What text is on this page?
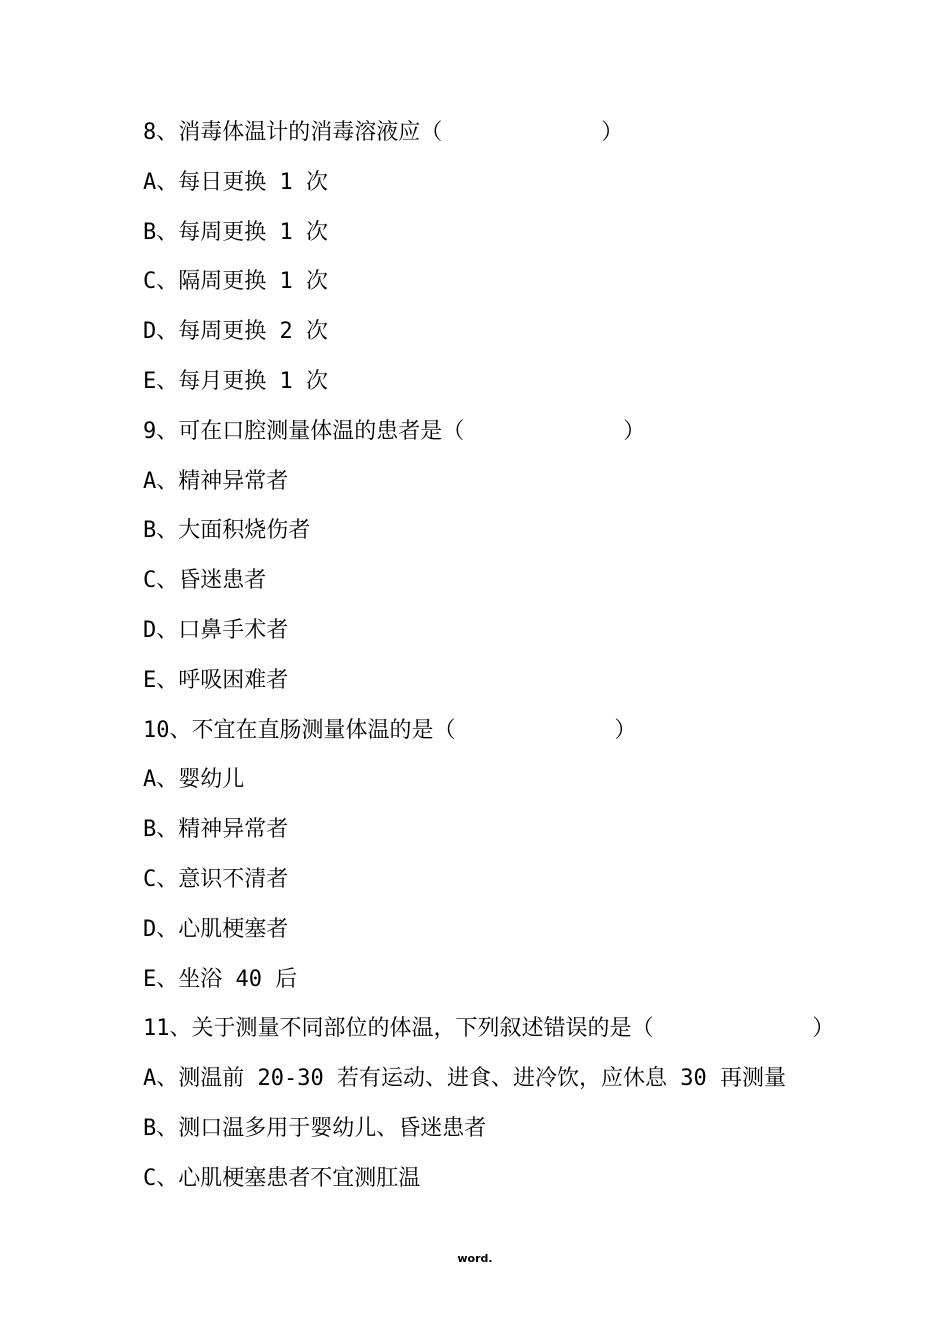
8、消毒体温计的消毒溶液应（            ）
A、每日更换 1 次
B、每周更换 1 次
C、隔周更换 1 次
D、每周更换 2 次
E、每月更换 1 次
9、可在口腔测量体温的患者是（            ）
A、精神异常者
B、大面积烧伤者
C、昏迷患者
D、口鼻手术者
E、呼吸困难者
10、不宜在直肠测量体温的是（            ）
A、婴幼儿
B、精神异常者
C、意识不清者
D、心肌梗塞者
E、坐浴 40 后
11、关于测量不同部位的体温，下列叙述错误的是（            ）
A、测温前 20-30 若有运动、进食、进冷饮，应休息 30 再测量
B、测口温多用于婴幼儿、昏迷患者
C、心肌梗塞患者不宜测肛温
word.
